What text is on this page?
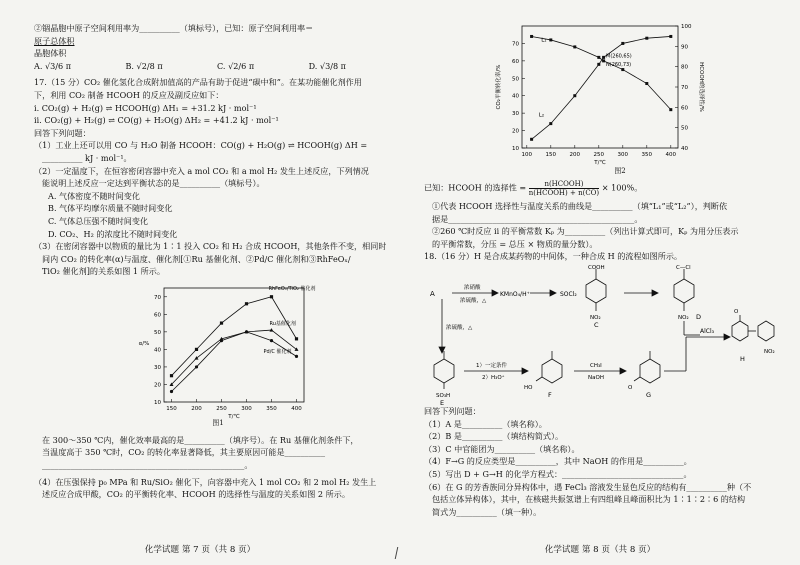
②锢晶胞中原子空间利用率为__________（填标号），已知：原子空间利用率＝
原子总体积
晶胞体积
A. √3/6 π	B. √2/8 π	C. √2/6 π	D. √3/8 π
17.（15 分）CO₂ 催化氢化合成附加值高的产品有助于促进“碳中和”。在某功能催化剂作用
下，利用 CO₂ 制备 HCOOH 的反应及副反应如下：
ⅰ. CO₂(g) + H₂(g) ⇌ HCOOH(g) ΔH₁ = +31.2 kJ · mol⁻¹
ⅱ. CO₂(g) + H₂(g) ⇌ CO(g) + H₂O(g) ΔH₂ = +41.2 kJ · mol⁻¹
回答下列问题：
（1）工业上还可以用 CO 与 H₂O 制备 HCOOH：CO(g) + H₂O(g) ⇌ HCOOH(g) ΔH =
__________ kJ · mol⁻¹。
（2）一定温度下，在恒容密闭容器中充入 a mol CO₂ 和 a mol H₂ 发生上述反应，下列情况
能说明上述反应一定达到平衡状态的是__________（填标号）。
A. 气体密度不随时间变化
B. 气体平均摩尔质量不随时间变化
C. 气体总压强不随时间变化
D. CO₂、H₂ 的浓度比不随时间变化
（3）在密闭容器中以物质的量比为 1∶1 投入 CO₂ 和 H₂ 合成 HCOOH，其他条件不变，相同时
间内 CO₂ 的转化率(α)与温度、催化剂[①Ru 基催化剂、②Pd/C 催化剂和③RhFeOₓ/
TiO₂ 催化剂]的关系如图 1 所示。
150	200	250	300	350	400
10
20
30
40
50
60
70
T/℃
α/%
RhFeOₓ/TiO₂ 催化剂
Ru基催化剂
Pd/C 催化剂
图1
在 300～350 ℃内，催化效率最高的是__________（填序号）。在 Ru 基催化剂条件下，
当温度高于 350 ℃时，CO₂ 的转化率显著降低，其主要原因可能是__________
__________________________________________________。
（4）在压强保持 p₀ MPa 和 Ru/SiO₂ 催化下，向容器中充入 1 mol CO₂ 和 2 mol H₂ 发生上
述反应合成甲酸，CO₂ 的平衡转化率、HCOOH 的选择性与温度的关系如图 2 所示。
化学试题 第 7 页（共 8 页）
100 150 200 250 300 350 400
10
20
30
40
50
60
70
40
50
60
70
80
90
100
T/℃
CO₂平衡转化率/%	HCOOH的选择性/%
L₁
L₂
M(260,65)
N(260,73)
图2
已知：HCOOH 的选择性 = $\frac{\text{n(HCOOH)}}{\text{n(HCOOH) + n(CO)}} \times 100\%$。
①代表 HCOOH 选择性与温度关系的曲线是__________（填“L₁”或“L₂”），判断依
据是______________________________________________。
②260 ℃时反应 ⅱ 的平衡常数 Kₚ 为__________（列出计算式即可，Kₚ 为用分压表示
的平衡常数，分压 = 总压 × 物质的量分数）。
18.（16 分）H 是合成某药物的中间体，一种合成 H 的流程如图所示。
A
浓硝酸
浓硫酸，△
KMnO₄/H⁺	SOCl₂
COOH
NO₂
C
C—Cl
NO₂ D
浓硫酸，△
SO₃H
E
1）一定条件
2）H₃O⁺
HO
F
CH₃I
NaOH
O
G
AlCl₃
O
NO₂
H
回答下列问题：
（1）A 是__________（填名称）。
（2）B 是__________（填结构简式）。
（3）C 中官能团为__________（填名称）。
（4）F→G 的反应类型是__________，其中 NaOH 的作用是__________。
（5）写出 D + G→H 的化学方程式：______________________________。
（6）在 G 的芳香族同分异构体中，遇 FeCl₃ 溶液发生显色反应的结构有__________种（不
包括立体异构体），其中，在核磁共振氢谱上有四组峰且峰面积比为 1∶1∶2∶6 的结构
简式为__________（填一种）。
化学试题 第 8 页（共 8 页）
